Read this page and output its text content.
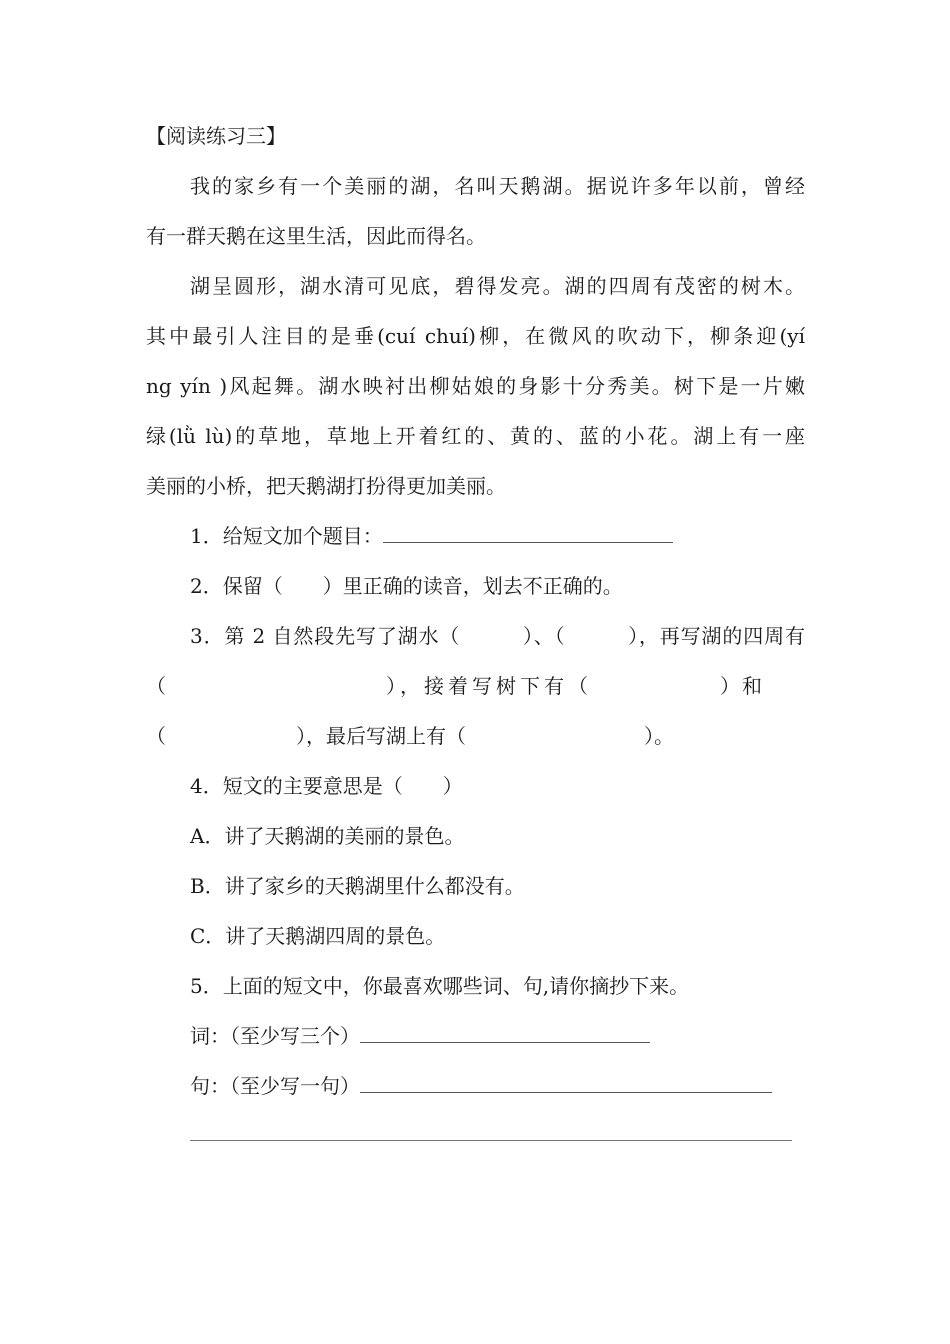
【阅读练习三】
我的家乡有一个美丽的湖，名叫天鹅湖。据说许多年以前，曾经
有一群天鹅在这里生活，因此而得名。
湖呈圆形，湖水清可见底，碧得发亮。湖的四周有茂密的树木。
其中最引人注目的是垂(cuí chuí)柳，在微风的吹动下，柳条迎(yí
ng yín )风起舞。湖水映衬出柳姑娘的身影十分秀美。树下是一片嫩
绿(lǜ lù)的草地，草地上开着红的、黄的、蓝的小花。湖上有一座
美丽的小桥，把天鹅湖打扮得更加美丽。
1．给短文加个题目：
2．保留（　　）里正确的读音，划去不正确的。
3．第 2 自然段先写了湖水（　　　）、（　　　），再写湖的四周有
（	），接着写树下有（	）和
（	），最后写湖上有（	）。
4．短文的主要意思是（　　）
A．讲了天鹅湖的美丽的景色。
B．讲了家乡的天鹅湖里什么都没有。
C．讲了天鹅湖四周的景色。
5．上面的短文中，你最喜欢哪些词、句,请你摘抄下来。
词：（至少写三个）
句：（至少写一句）
